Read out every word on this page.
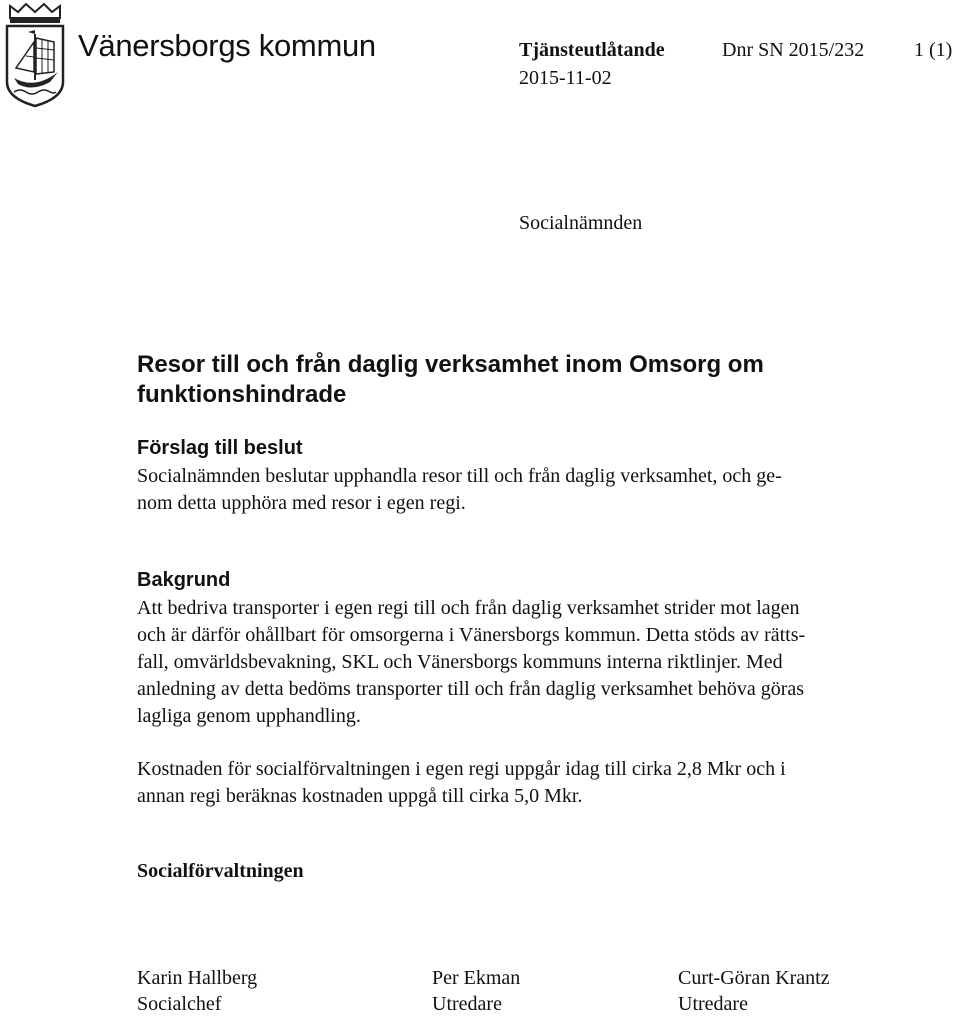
Vänersborgs kommun	Tjänsteutlåtande	Dnr SN 2015/232 1 (1)
2015-11-02
Socialnämnden
Resor till och från daglig verksamhet inom Omsorg om funktionshindrade
Förslag till beslut
Socialnämnden beslutar upphandla resor till och från daglig verksamhet, och ge-
nom detta upphöra med resor i egen regi.
Bakgrund
Att bedriva transporter i egen regi till och från daglig verksamhet strider mot lagen
och är därför ohållbart för omsorgerna i Vänersborgs kommun. Detta stöds av rätts-
fall, omvärldsbevakning, SKL och Vänersborgs kommuns interna riktlinjer. Med
anledning av detta bedöms transporter till och från daglig verksamhet behöva göras
lagliga genom upphandling.
Kostnaden för socialförvaltningen i egen regi uppgår idag till cirka 2,8 Mkr och i
annan regi beräknas kostnaden uppgå till cirka 5,0 Mkr.
Socialförvaltningen
Karin Hallberg
Socialchef
Per Ekman
Utredare
Curt-Göran Krantz
Utredare
